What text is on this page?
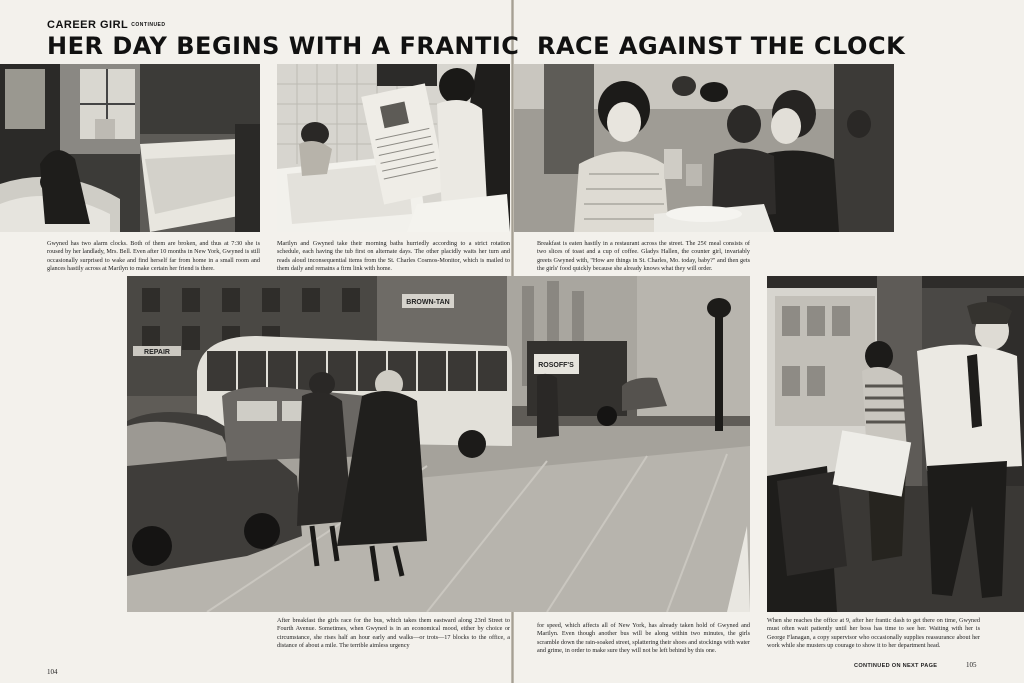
CAREER GIRL CONTINUED
HER DAY BEGINS WITH A FRANTIC RACE AGAINST THE CLOCK
BROWN-TAN
REPAIR
ROSOFF'S
Gwyned has two alarm clocks. Both of them are broken, and thus at 7:30 she is roused by her landlady, Mrs. Bell. Even after 10 months in New York, Gwyned is still occasionally surprised to wake and find herself far from home in a small room and glances hastily across at Marilyn to make certain her friend is there.
Marilyn and Gwyned take their morning baths hurriedly according to a strict rotation schedule, each having the tub first on alternate days. The other placidly waits her turn and reads aloud inconsequential items from the St. Charles Cosmos-Monitor, which is mailed to them daily and remains a firm link with home.
Breakfast is eaten hastily in a restaurant across the street. The 25¢ meal consists of two slices of toast and a cup of coffee. Gladys Hallen, the counter girl, invariably greets Gwyned with, "How are things in St. Charles, Mo. today, baby?" and then gets the girls' food quickly because she already knows what they will order.
After breakfast the girls race for the bus, which takes them eastward along 23rd Street to Fourth Avenue. Sometimes, when Gwyned is in an economical mood, either by choice or circumstance, she rises half an hour early and walks—or trots—17 blocks to the office, a distance of about a mile. The terrible aimless urgency
for speed, which affects all of New York, has already taken hold of Gwyned and Marilyn. Even though another bus will be along within two minutes, the girls scramble down the rain-soaked street, splattering their shoes and stockings with water and grime, in order to make sure they will not be left behind by this one.
When she reaches the office at 9, after her frantic dash to get there on time, Gwyned must often wait patiently until her boss has time to see her. Waiting with her is George Flanagan, a copy supervisor who occasionally supplies reassurance about her work while she musters up courage to show it to her department head.
104
CONTINUED ON NEXT PAGE	105
